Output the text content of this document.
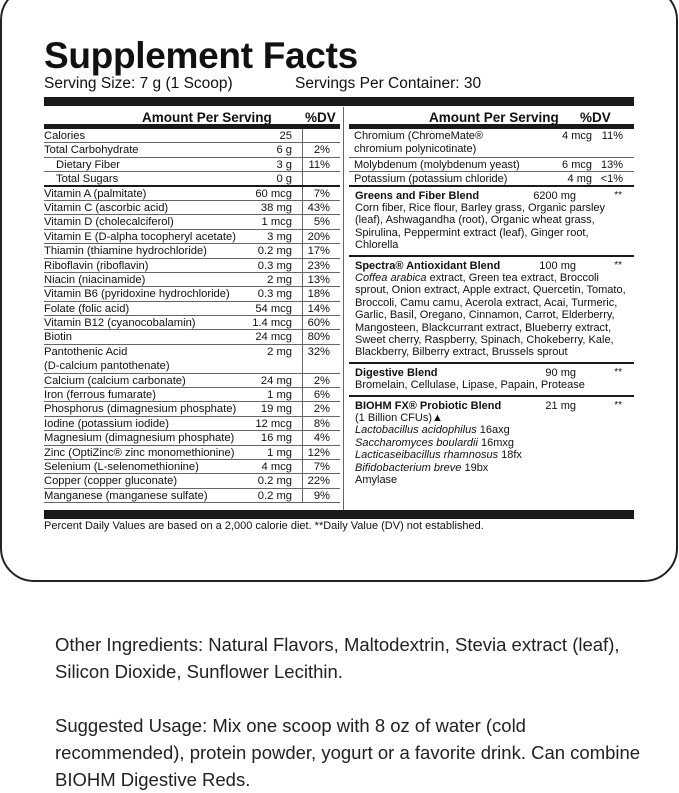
Supplement Facts
Serving Size: 7 g (1 Scoop)	Servings Per Container: 30
Amount Per Serving %DV
Calories	25
Total Carbohydrate	6 g 2%
Dietary Fiber	3 g 11%
Total Sugars	0 g
Vitamin A (palmitate)	60 mcg 7%
Vitamin C (ascorbic acid)	38 mg 43%
Vitamin D (cholecalciferol)	1 mcg 5%
Vitamin E (D-alpha tocopheryl acetate)	3 mg 20%
Thiamin (thiamine hydrochloride)	0.2 mg 17%
Riboflavin (riboflavin)	0.3 mg 23%
Niacin (niacinamide)	2 mg 13%
Vitamin B6 (pyridoxine hydrochloride)	0.3 mg 18%
Folate (folic acid)	54 mcg 14%
Vitamin B12 (cyanocobalamin)	1.4 mcg 60%
Biotin	24 mcg 80%
Pantothenic Acid
(D-calcium pantothenate)
2 mg 32%
Calcium (calcium carbonate)	24 mg 2%
Iron (ferrous fumarate)	1 mg 6%
Phosphorus (dimagnesium phosphate) 19 mg 2%
Iodine (potassium iodide)	12 mcg 8%
Magnesium (dimagnesium phosphate) 16 mg 4%
Zinc (OptiZinc® zinc monomethionine)	1 mg 12%
Selenium (L-selenomethionine)	4 mcg 7%
Copper (copper gluconate)	0.2 mg 22%
Manganese (manganese sulfate)	0.2 mg 9%
Amount Per Serving %DV
Chromium (ChromeMate®
chromium polynicotinate)
4 mcg 11%
Molybdenum (molybdenum yeast)	6 mcg 13%
Potassium (potassium chloride)	4 mg <1%
Greens and Fiber Blend	6200 mg	**
Corn fiber, Rice flour, Barley grass, Organic parsley (leaf), Ashwagandha (root), Organic wheat grass, Spirulina, Peppermint extract (leaf), Ginger root, Chlorella
Spectra® Antioxidant Blend	100 mg	**
Coffea arabica extract, Green tea extract, Broccoli sprout, Onion extract, Apple extract, Quercetin, Tomato, Broccoli, Camu camu, Acerola extract, Acai, Turmeric, Garlic, Basil, Oregano, Cinnamon, Carrot, Elderberry, Mangosteen, Blackcurrant extract, Blueberry extract, Sweet cherry, Raspberry, Spinach, Chokeberry, Kale, Blackberry, Bilberry extract, Brussels sprout
Digestive Blend	90 mg	**
Bromelain, Cellulase, Lipase, Papain, Protease
BIOHM FX® Probiotic Blend	21 mg	**
(1 Billion CFUs)▲
Lactobacillus acidophilus 16axg
Saccharomyces boulardii 16mxg
Lacticaseibacillus rhamnosus 18fx
Bifidobacterium breve 19bx
Amylase
Percent Daily Values are based on a 2,000 calorie diet. **Daily Value (DV) not established.
Other Ingredients: Natural Flavors, Maltodextrin, Stevia extract (leaf), Silicon Dioxide, Sunflower Lecithin.
Suggested Usage: Mix one scoop with 8 oz of water (cold recommended), protein powder, yogurt or a favorite drink. Can combine BIOHM Digestive Reds.
